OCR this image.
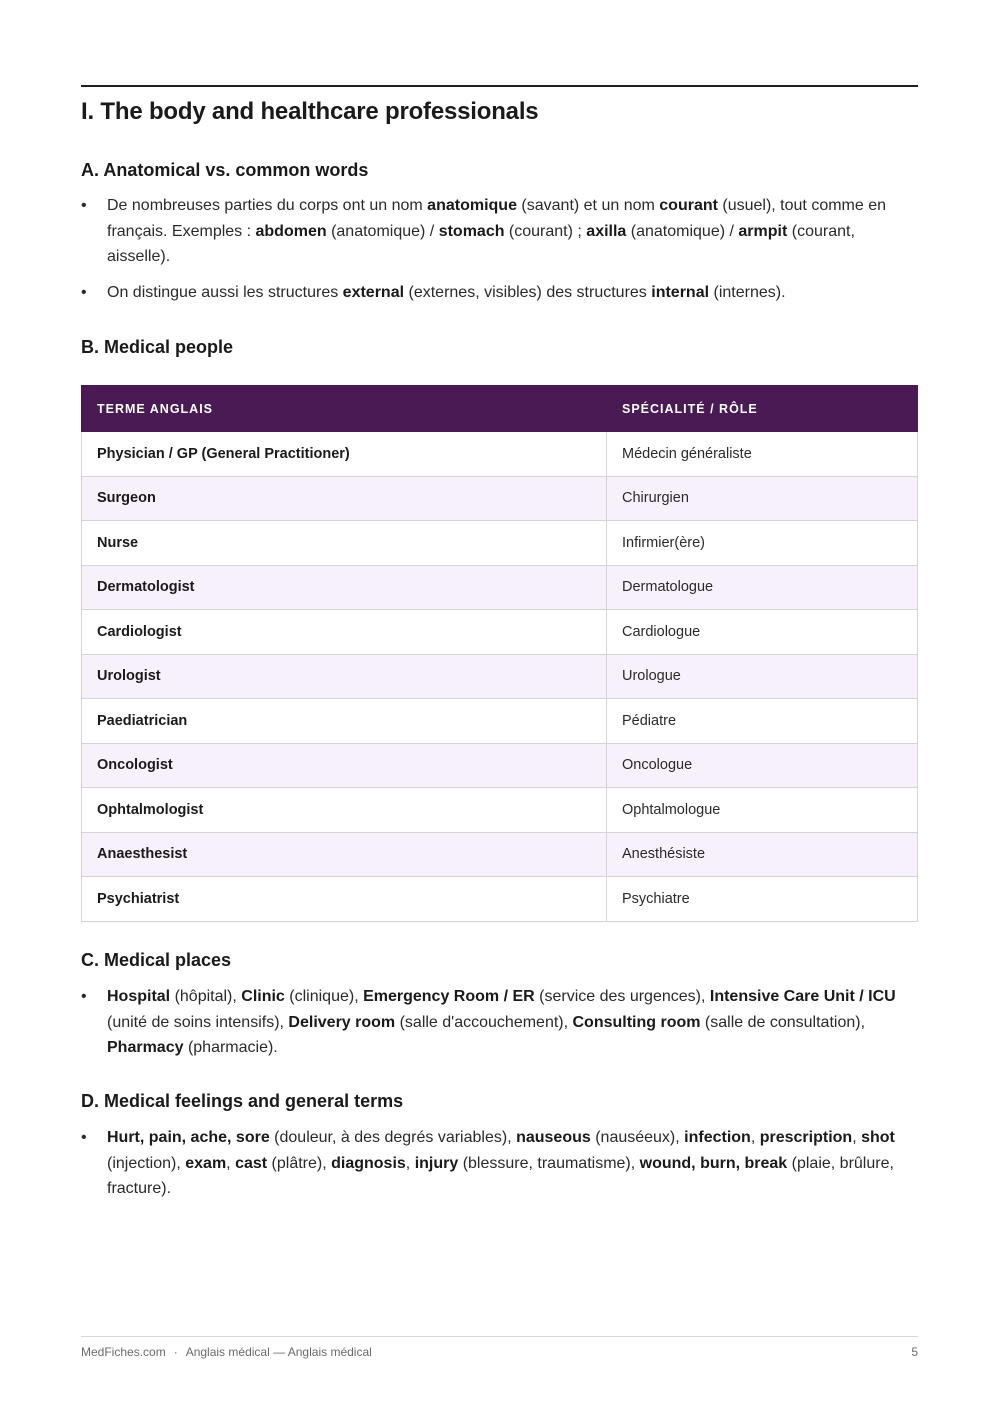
I. The body and healthcare professionals
A. Anatomical vs. common words
• De nombreuses parties du corps ont un nom anatomique (savant) et un nom courant (usuel), tout comme en français. Exemples : abdomen (anatomique) / stomach (courant) ; axilla (anatomique) / armpit (courant, aisselle).
• On distingue aussi les structures external (externes, visibles) des structures internal (internes).
B. Medical people
TERME ANGLAIS	SPÉCIALITÉ / RÔLE
Physician / GP (General Practitioner)	Médecin généraliste
Surgeon	Chirurgien
Nurse	Infirmier(ère)
Dermatologist	Dermatologue
Cardiologist	Cardiologue
Urologist	Urologue
Paediatrician	Pédiatre
Oncologist	Oncologue
Ophtalmologist	Ophtalmologue
Anaesthesist	Anesthésiste
Psychiatrist	Psychiatre
C. Medical places
• Hospital (hôpital), Clinic (clinique), Emergency Room / ER (service des urgences), Intensive Care Unit / ICU (unité de soins intensifs), Delivery room (salle d'accouchement), Consulting room (salle de consultation), Pharmacy (pharmacie).
D. Medical feelings and general terms
• Hurt, pain, ache, sore (douleur, à des degrés variables), nauseous (nauséeux), infection, prescription, shot (injection), exam, cast (plâtre), diagnosis, injury (blessure, traumatisme), wound, burn, break (plaie, brûlure, fracture).
MedFiches.com · Anglais médical — Anglais médical	5
